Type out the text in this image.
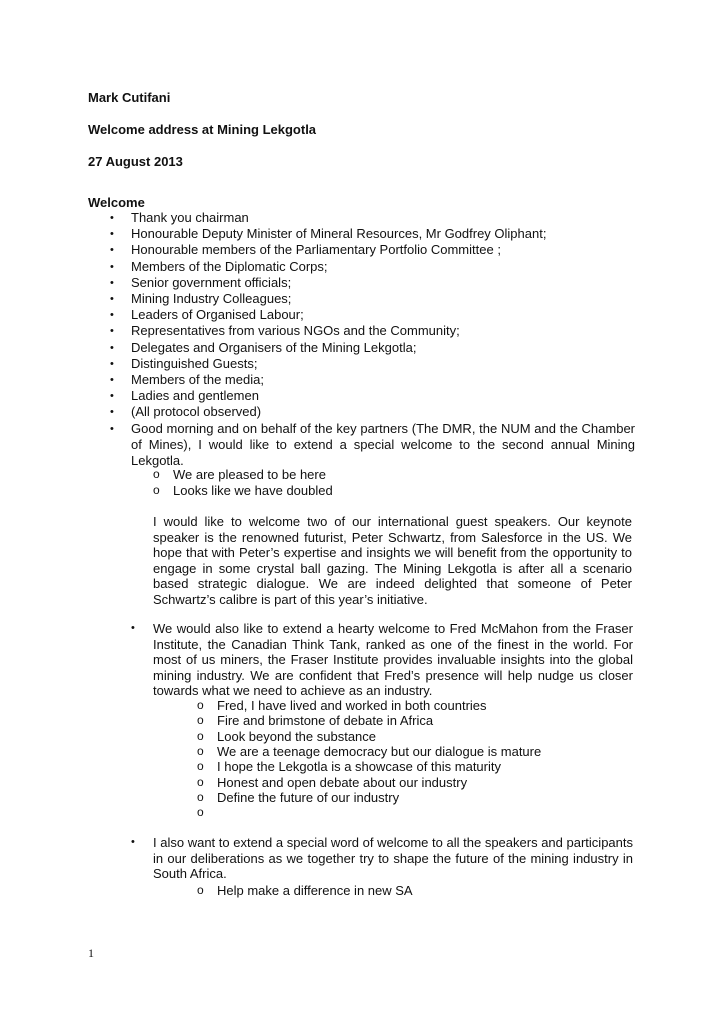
Mark Cutifani
Welcome address at Mining Lekgotla
27 August 2013
Welcome
•	Thank you chairman
•	Honourable Deputy Minister of Mineral Resources, Mr Godfrey Oliphant;
•	Honourable members of the Parliamentary Portfolio Committee ;
•	Members of the Diplomatic Corps;
•	Senior government officials;
•	Mining Industry Colleagues;
•	Leaders of Organised Labour;
•	Representatives from various NGOs and the Community;
•	Delegates and Organisers of the Mining Lekgotla;
•	Distinguished Guests;
•	Members of the media;
•	Ladies and gentlemen
•	(All protocol observed)
•	Good morning and on behalf of the key partners (The DMR, the NUM and the Chamber of Mines), I would like to extend a special welcome to the second annual Mining Lekgotla.
o We are pleased to be here
o Looks like we have doubled
I would like to welcome two of our international guest speakers. Our keynote speaker is the renowned futurist, Peter Schwartz, from Salesforce in the US. We hope that with Peter’s expertise and insights we will benefit from the opportunity to engage in some crystal ball gazing. The Mining Lekgotla is after all a scenario based strategic dialogue. We are indeed delighted that someone of Peter Schwartz’s calibre is part of this year’s initiative.
• We would also like to extend a hearty welcome to Fred McMahon from the Fraser Institute, the Canadian Think Tank, ranked as one of the finest in the world. For most of us miners, the Fraser Institute provides invaluable insights into the global mining industry. We are confident that Fred’s presence will help nudge us closer towards what we need to achieve as an industry.
o Fred, I have lived and worked in both countries
o Fire and brimstone of debate in Africa
o Look beyond the substance
o We are a teenage democracy but our dialogue is mature
o I hope the Lekgotla is a showcase of this maturity
o Honest and open debate about our industry
o Define the future of our industry
o
• I also want to extend a special word of welcome to all the speakers and participants in our deliberations as we together try to shape the future of the mining industry in South Africa.
o Help make a difference in new SA
1
